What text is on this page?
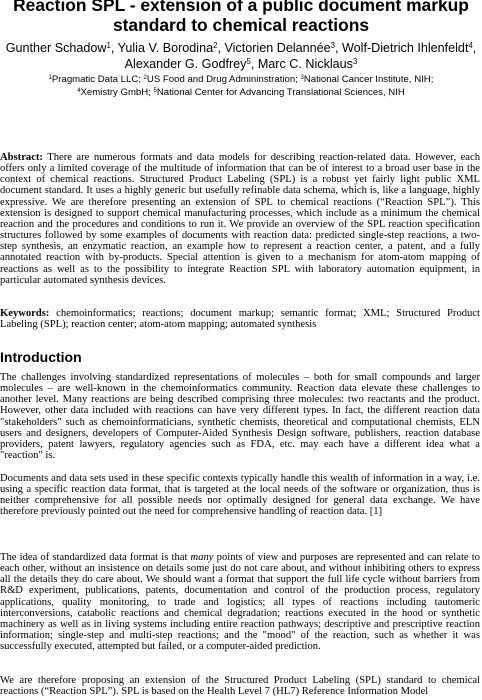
Reaction SPL - extension of a public document markup
standard to chemical reactions

Gunther Schadow$^1$, Yulia V. Borodina$^2$, Victorien Delannée$^3$, Wolf-Dietrich Ihlenfeldt$^4$, Alexander G. Godfrey$^5$, Marc C. Nicklaus$^3$

$^1$Pragmatic Data LLC; $^2$US Food and Drug Admininstration; $^3$National Cancer Institute, NIH;
$^4$Xemistry GmbH; $^5$National Center for Advancing Translational Sciences, NIH

Abstract: There are numerous formats and data models for describing reaction-related data. However, each offers only a limited coverage of the multitude of information that can be of interest to a broad user base in the context of chemical reactions. Structured Product Labeling (SPL) is a robust yet fairly light public XML document standard. It uses a highly generic but usefully refinable data schema, which is, like a language, highly expressive. We are therefore presenting an extension of SPL to chemical reactions (“Reaction SPL”). This extension is designed to support chemical manufacturing processes, which include as a minimum the chemical reaction and the procedures and conditions to run it. We provide an overview of the SPL reaction specification structures followed by some examples of documents with reaction data: predicted single-step reactions, a two-step synthesis, an enzymatic reaction, an example how to represent a reaction center, a patent, and a fully annotated reaction with by-products. Special attention is given to a mechanism for atom-atom mapping of reactions as well as to the possibility to integrate Reaction SPL with laboratory automation equipment, in particular automated synthesis devices.

Keywords: chemoinformatics; reactions; document markup; semantic format; XML; Structured Product Labeling (SPL); reaction center; atom-atom mapping; automated synthesis

Introduction

The challenges involving standardized representations of molecules – both for small compounds and larger molecules – are well-known in the chemoinformatics community. Reaction data elevate these challenges to another level. Many reactions are being described comprising three molecules: two reactants and the product. However, other data included with reactions can have very different types. In fact, the different reaction data "stakeholders" such as chemoinformaticians, synthetic chemists, theoretical and computational chemists, ELN users and designers, developers of Computer-Aided Synthesis Design software, publishers, reaction database providers, patent lawyers, regulatory agencies such as FDA, etc. may each have a different idea what a "reaction" is.

Documents and data sets used in these specific contexts typically handle this wealth of information in a way, i.e. using a specific reaction data format, that is targeted at the local needs of the software or organization, thus is neither comprehensive for all possible needs nor optimally designed for general data exchange. We have therefore previously pointed out the need for comprehensive handling of reaction data. [1]

The idea of standardized data format is that many points of view and purposes are represented and can relate to each other, without an insistence on details some just do not care about, and without inhibiting others to express all the details they do care about. We should want a format that support the full life cycle without barriers from R&D experiment, publications, patents, documentation and control of the production process, regulatory applications, quality monitoring, to trade and logistics; all types of reactions including tautomeric interconversions, catabolic reactions and chemical degradation; reactions executed in the hood or synthetic machinery as well as in living systems including entire reaction pathways; descriptive and prescriptive reaction information; single-step and multi-step reactions; and the "mood" of the reaction, such as whether it was successfully executed, attempted but failed, or a computer-aided prediction.

We are therefore proposing an extension of the Structured Product Labeling (SPL) standard to chemical reactions (“Reaction SPL”). SPL is based on the Health Level 7 (HL7) Reference Information Model
